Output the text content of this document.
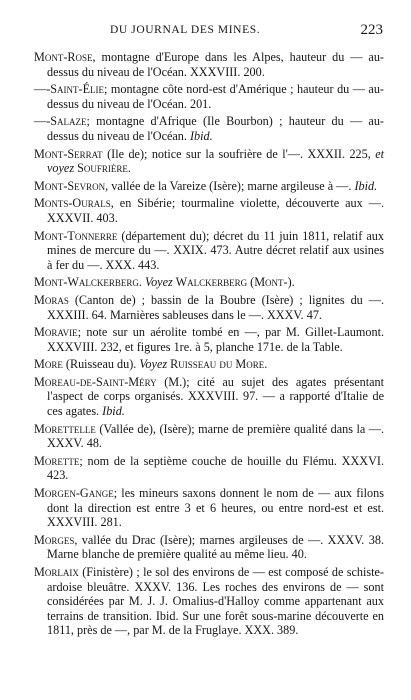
DU JOURNAL DES MINES.	223
Mont-Rose, montagne d'Europe dans les Alpes, hauteur du — au-dessus du niveau de l'Océan. XXXVIII. 200.
—-Saint-Élie; montagne côte nord-est d'Amérique ; hauteur du — au-dessus du niveau de l'Océan. 201.
—-Salaze; montagne d'Afrique (Ile Bourbon) ; hauteur du — au-dessus du niveau de l'Océan. Ibid.
Mont-Serrat (Ile de); notice sur la soufrière de l'—. XXXII. 225, et voyez Soufrière.
Mont-Sevron, vallée de la Vareize (Isère); marne argileuse à —. Ibid.
Monts-Ourals, en Sibérie; tourmaline violette, découverte aux —. XXXVII. 403.
Mont-Tonnerre (département du); décret du 11 juin 1811, relatif aux mines de mercure du —. XXIX. 473. Autre décret relatif aux usines à fer du —. XXX. 443.
Mont-Walckerberg. Voyez Walckerberg (Mont-).
Moras (Canton de) ; bassin de la Boubre (Isère) ; lignites du —. XXXIII. 64. Marnières sableuses dans le —. XXXV. 47.
Moravie; note sur un aérolite tombé en —, par M. Gillet-Laumont. XXXVIII. 232, et figures 1re. à 5, planche 171e. de la Table.
More (Ruisseau du). Voyez Ruisseau du More.
Moreau-de-Saint-Méry (M.); cité au sujet des agates présentant l'aspect de corps organisés. XXXVIII. 97. — a rapporté d'Italie de ces agates. Ibid.
Morettelle (Vallée de), (Isère); marne de première qualité dans la —. XXXV. 48.
Morette; nom de la septième couche de houille du Flému. XXXVI. 423.
Morgen-Gange; les mineurs saxons donnent le nom de — aux filons dont la direction est entre 3 et 6 heures, ou entre nord-est et est. XXXVIII. 281.
Morges, vallée du Drac (Isère); marnes argileuses de —. XXXV. 38. Marne blanche de première qualité au même lieu. 40.
Morlaix (Finistère) ; le sol des environs de — est composé de schiste-ardoise bleuâtre. XXXV. 136. Les roches des environs de — sont considérées par M. J. J. Omalius-d'Halloy comme appartenant aux terrains de transition. Ibid. Sur une forêt sous-marine découverte en 1811, près de —, par M. de la Fruglaye. XXX. 389.
